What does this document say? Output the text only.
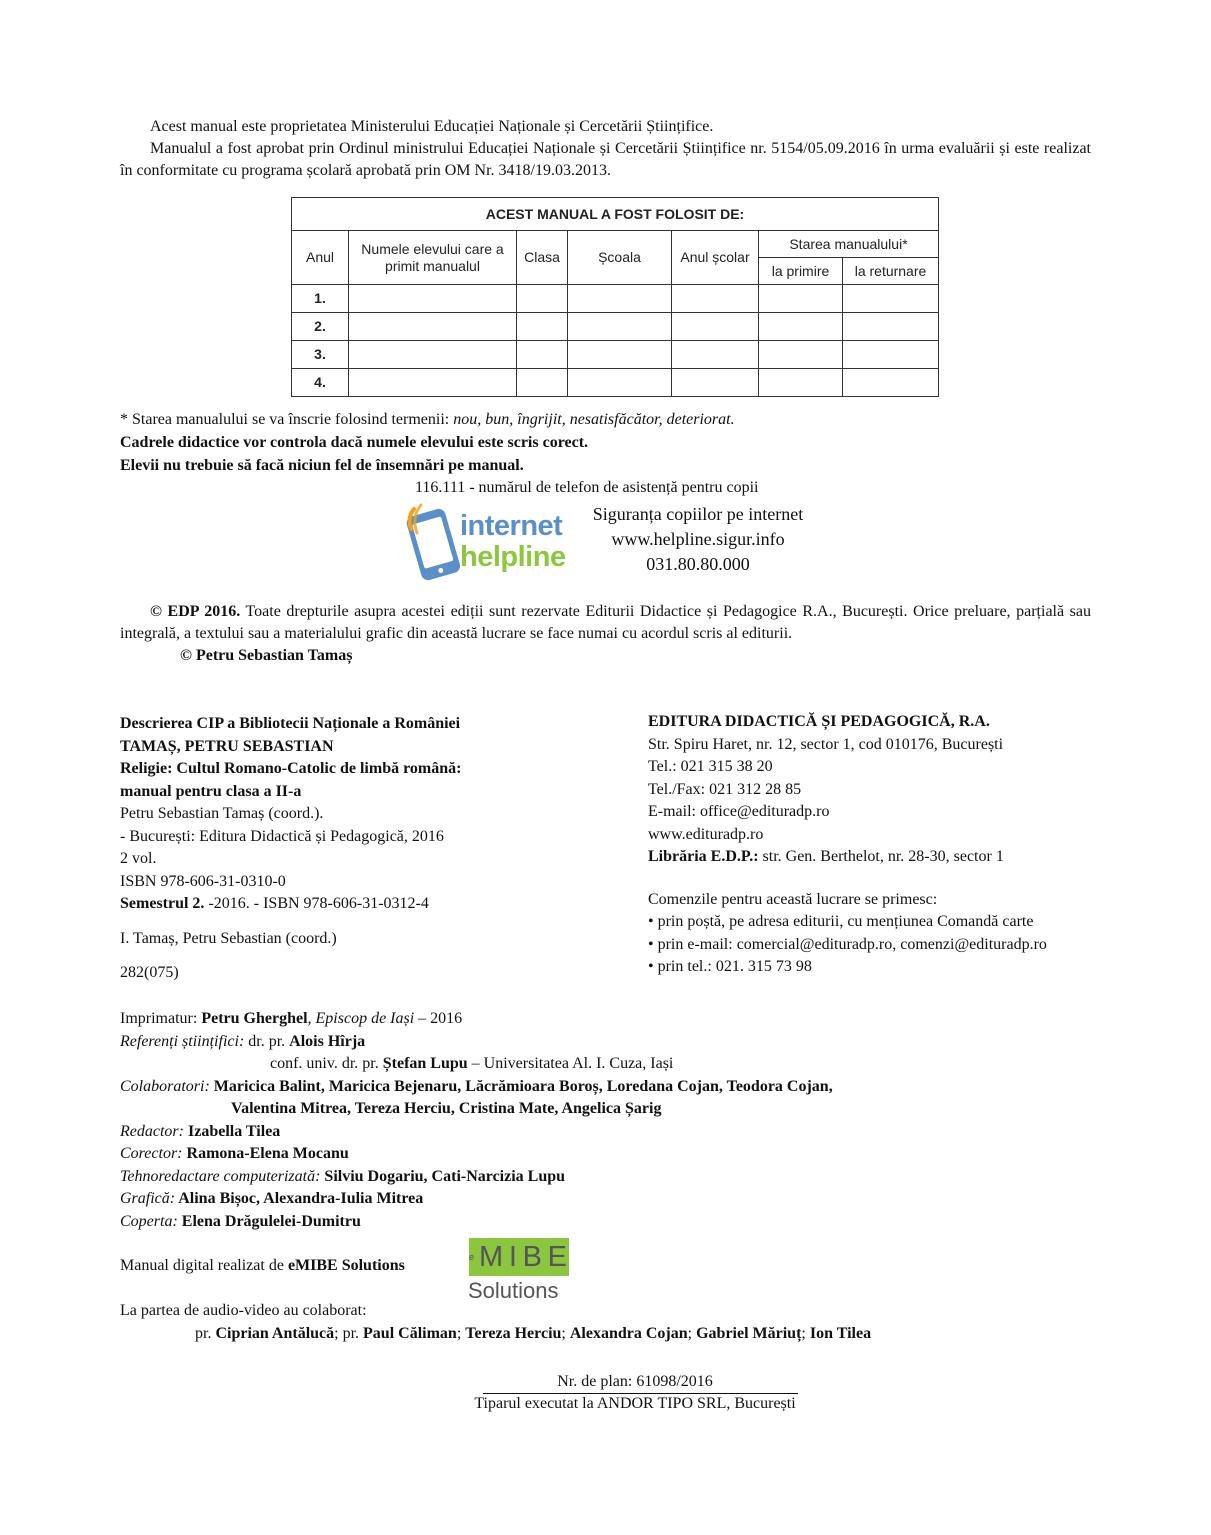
Acest manual este proprietatea Ministerului Educației Naționale și Cercetării Științifice.

Manualul a fost aprobat prin Ordinul ministrului Educației Naționale și Cercetării Științifice nr. 5154/05.09.2016 în urma evaluării și este realizat în conformitate cu programa școlară aprobată prin OM Nr. 3418/19.03.2013.

ACEST MANUAL A FOST FOLOSIT DE:						
Anul	Numele elevului care a primit manualul	Clasa	Școala	Anul școlar	Starea manualului*	
					la primire	la returnare
1.						
2.						
3.						
4.						
* Starea manualului se va înscrie folosind termenii: nou, bun, îngrijit, nesatisfăcător, deteriorat.
Cadrele didactice vor controla dacă numele elevului este scris corect.
Elevii nu trebuie să facă niciun fel de însemnări pe manual.
116.111 - numărul de telefon de asistență pentru copii
internet
helpline
Siguranța copiilor pe internet
www.helpline.sigur.info
031.80.80.000

© EDP 2016. Toate drepturile asupra acestei ediții sunt rezervate Editurii Didactice și Pedagogice R.A., București. Orice preluare, parțială sau integrală, a textului sau a materialului grafic din această lucrare se face numai cu acordul scris al editurii.

© Petru Sebastian Tamaș

Descrierea CIP a Bibliotecii Naționale a României
TAMAȘ, PETRU SEBASTIAN
Religie: Cultul Romano-Catolic de limbă română:
manual pentru clasa a II-a
Petru Sebastian Tamaș (coord.).
- București: Editura Didactică și Pedagogică, 2016
2 vol.
ISBN 978-606-31-0310-0
Semestrul 2. -2016. - ISBN 978-606-31-0312-4
I. Tamaș, Petru Sebastian (coord.)
282(075)
EDITURA DIDACTICĂ ȘI PEDAGOGICĂ, R.A.
Str. Spiru Haret, nr. 12, sector 1, cod 010176, București
Tel.: 021 315 38 20
Tel./Fax: 021 312 28 85
E-mail: office@edituradp.ro
www.edituradp.ro
Librăria E.D.P.: str. Gen. Berthelot, nr. 28-30, sector 1
Comenzile pentru această lucrare se primesc:
• prin poștă, pe adresa editurii, cu mențiunea Comandă carte
• prin e-mail: comercial@edituradp.ro, comenzi@edituradp.ro
• prin tel.: 021. 315 73 98
Imprimatur: Petru Gherghel, Episcop de Iași – 2016
Referenți științifici: dr. pr. Alois Hîrja
conf. univ. dr. pr. Ștefan Lupu – Universitatea Al. I. Cuza, Iași
Colaboratori: Maricica Balint, Maricica Bejenaru, Lăcrămioara Boroș, Loredana Cojan, Teodora Cojan,
Valentina Mitrea, Tereza Herciu, Cristina Mate, Angelica Șarig
Redactor: Izabella Tilea
Corector: Ramona-Elena Mocanu
Tehnoredactare computerizată: Silviu Dogariu, Cati-Narcizia Lupu
Grafică: Alina Bișoc, Alexandra-Iulia Mitrea
Coperta: Elena Drăgulelei-Dumitru
Manual digital realizat de eMIBE Solutions	e M I B E
Solutions
La partea de audio-video au colaborat:
pr. Ciprian Antălucă; pr. Paul Căliman; Tereza Herciu; Alexandra Cojan; Gabriel Măriuț; Ion Tilea
Nr. de plan: 61098/2016
Tiparul executat la ANDOR TIPO SRL, București
